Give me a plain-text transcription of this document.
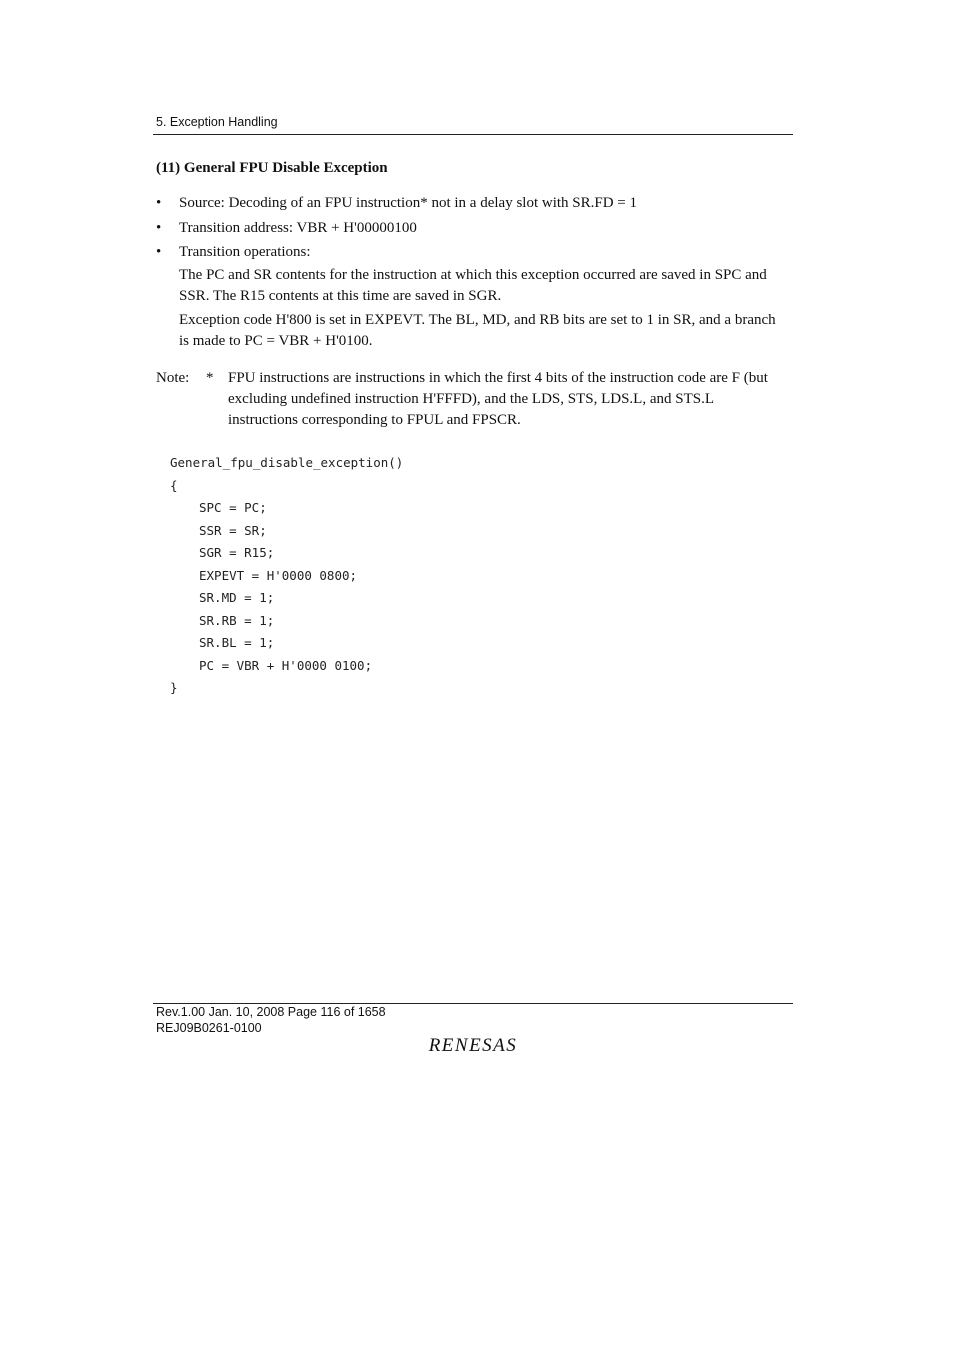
5. Exception Handling
(11) General FPU Disable Exception
• Source: Decoding of an FPU instruction* not in a delay slot with SR.FD = 1
• Transition address: VBR + H'00000100
• Transition operations:
The PC and SR contents for the instruction at which this exception occurred are saved in SPC and SSR. The R15 contents at this time are saved in SGR.
Exception code H'800 is set in EXPEVT. The BL, MD, and RB bits are set to 1 in SR, and a branch is made to PC = VBR + H'0100.
Note: * FPU instructions are instructions in which the first 4 bits of the instruction code are F (but excluding undefined instruction H'FFFD), and the LDS, STS, LDS.L, and STS.L instructions corresponding to FPUL and FPSCR.
General_fpu_disable_exception()
{
SPC = PC;
SSR = SR;
SGR = R15;
EXPEVT = H'0000 0800;
SR.MD = 1;
SR.RB = 1;
SR.BL = 1;
PC = VBR + H'0000 0100;
}
Rev.1.00 Jan. 10, 2008 Page 116 of 1658
REJ09B0261-0100
RENESAS
